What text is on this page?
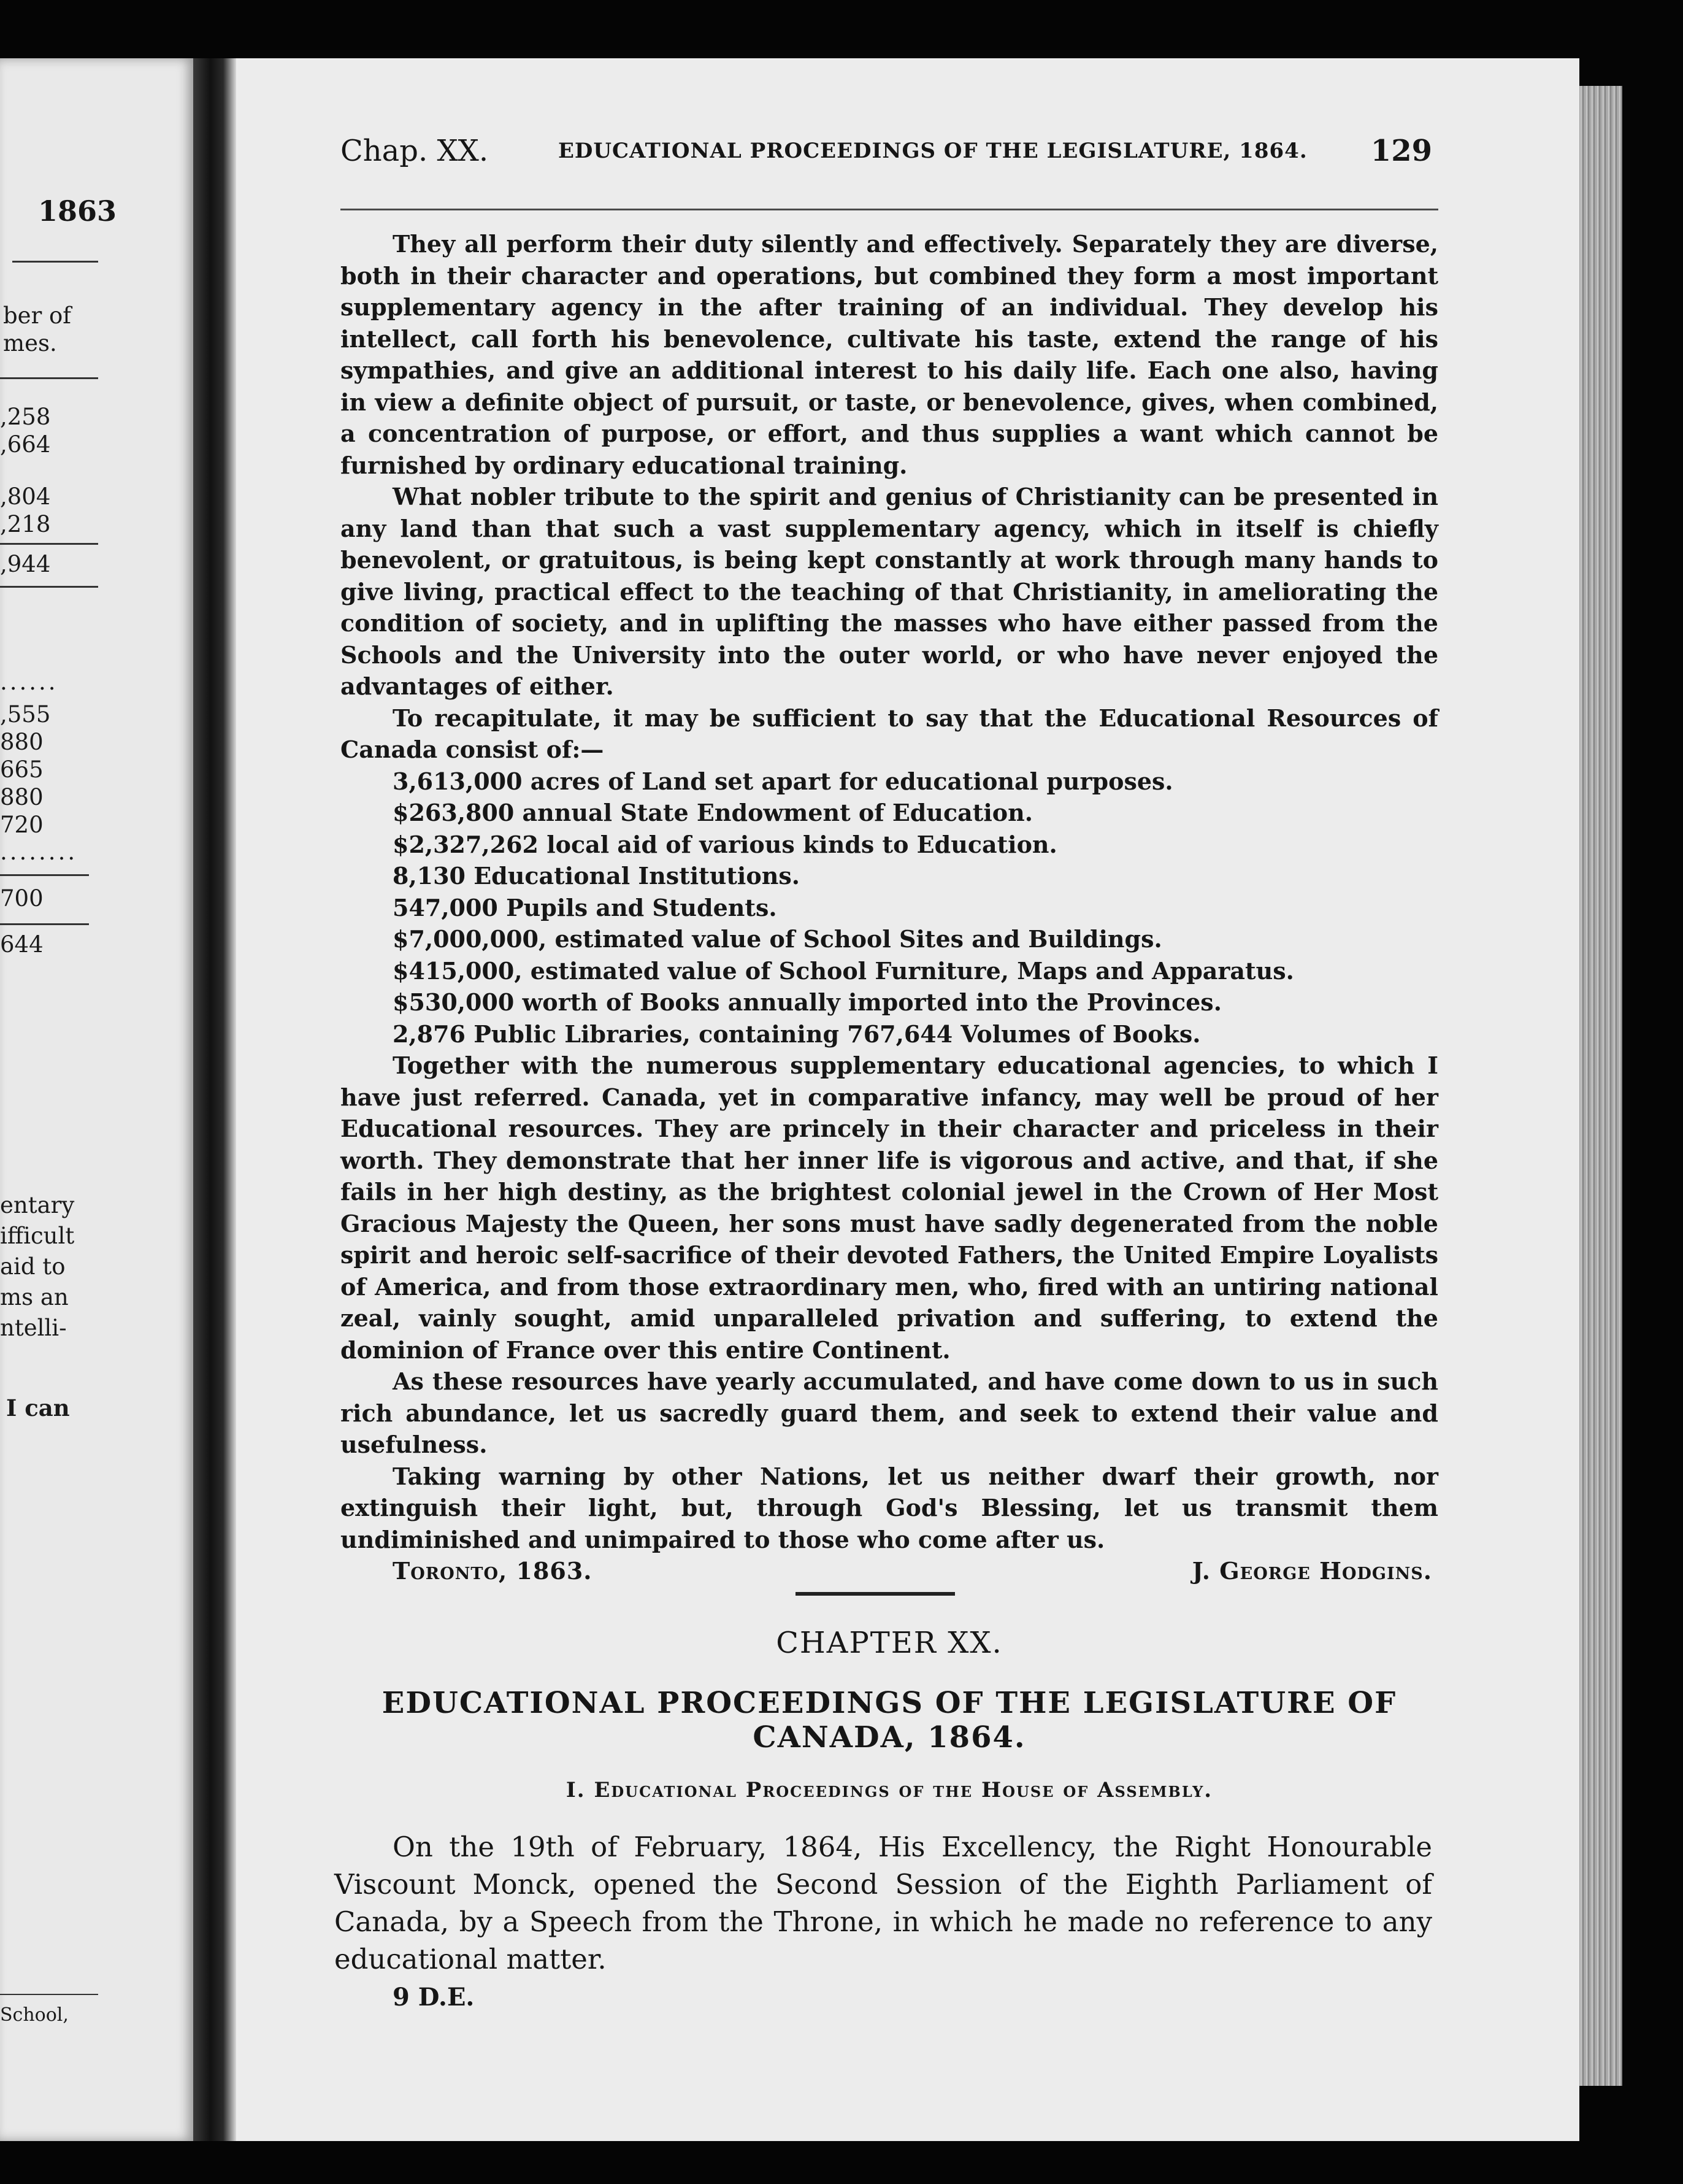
1863
ber of
mes.
,258
,664
,804
,218
,944
......
,555
880
665
880
720
........
700
644
entary
ifficult
aid to
ms an
ntelli-
I can
School,
Chap. XX.	EDUCATIONAL PROCEEDINGS OF THE LEGISLATURE, 1864. 129

They all perform their duty silently and effectively. Separately they are diverse, both in their character and operations, but combined they form a most important supplementary agency in the after training of an individual. They develop his intellect, call forth his benevolence, cultivate his taste, extend the range of his sympathies, and give an additional interest to his daily life. Each one also, having in view a definite object of pursuit, or taste, or benevolence, gives, when combined, a concentration of purpose, or effort, and thus supplies a want which cannot be furnished by ordinary educational training.

What nobler tribute to the spirit and genius of Christianity can be presented in any land than that such a vast supplementary agency, which in itself is chiefly benevolent, or gratuitous, is being kept constantly at work through many hands to give living, practical effect to the teaching of that Christianity, in ameliorating the condition of society, and in uplifting the masses who have either passed from the Schools and the University into the outer world, or who have never enjoyed the advantages of either.

To recapitulate, it may be sufficient to say that the Educational Resources of Canada consist of:—

3,613,000 acres of Land set apart for educational purposes.
$263,800 annual State Endowment of Education.
$2,327,262 local aid of various kinds to Education.
8,130 Educational Institutions.
547,000 Pupils and Students.
$7,000,000, estimated value of School Sites and Buildings.
$415,000, estimated value of School Furniture, Maps and Apparatus.
$530,000 worth of Books annually imported into the Provinces.
2,876 Public Libraries, containing 767,644 Volumes of Books.

Together with the numerous supplementary educational agencies, to which I have just referred. Canada, yet in comparative infancy, may well be proud of her Educational resources. They are princely in their character and priceless in their worth. They demonstrate that her inner life is vigorous and active, and that, if she fails in her high destiny, as the brightest colonial jewel in the Crown of Her Most Gracious Majesty the Queen, her sons must have sadly degenerated from the noble spirit and heroic self-sacrifice of their devoted Fathers, the United Empire Loyalists of America, and from those extraordinary men, who, fired with an untiring national zeal, vainly sought, amid unparalleled privation and suffering, to extend the dominion of France over this entire Continent.

As these resources have yearly accumulated, and have come down to us in such rich abundance, let us sacredly guard them, and seek to extend their value and usefulness.

Taking warning by other Nations, let us neither dwarf their growth, nor extinguish their light, but, through God's Blessing, let us transmit them undiminished and unimpaired to those who come after us.

Toronto, 1863.	J. George Hodgins.
CHAPTER XX.
EDUCATIONAL PROCEEDINGS OF THE LEGISLATURE OF CANADA, 1864.
I. Educational Proceedings of the House of Assembly.

On the 19th of February, 1864, His Excellency, the Right Honourable Viscount Monck, opened the Second Session of the Eighth Parliament of Canada, by a Speech from the Throne, in which he made no reference to any educational matter.

9 D.E.
